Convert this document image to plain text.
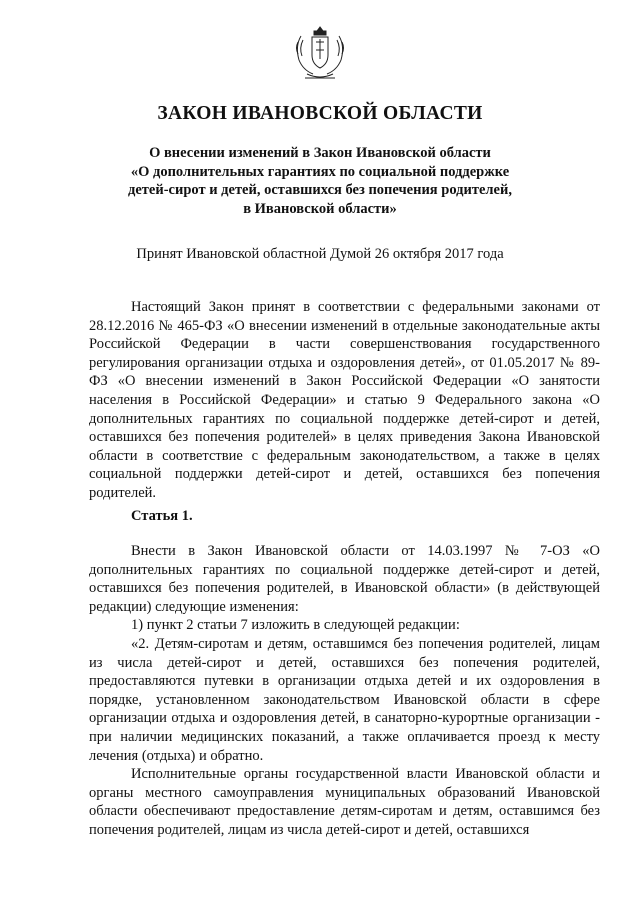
ЗАКОН ИВАНОВСКОЙ ОБЛАСТИ
О внесении изменений в Закон Ивановской области
«О дополнительных гарантиях по социальной поддержке
детей-сирот и детей, оставшихся без попечения родителей,
в Ивановской области»
Принят Ивановской областной Думой 26 октября 2017 года

Настоящий Закон принят в соответствии с федеральными законами от 28.12.2016 № 465-ФЗ «О внесении изменений в отдельные законодательные акты Российской Федерации в части совершенствования государственного регулирования организации отдыха и оздоровления детей», от 01.05.2017 № 89-ФЗ «О внесении изменений в Закон Российской Федерации «О занятости населения в Российской Федерации» и статью 9 Федерального закона «О дополнительных гарантиях по социальной поддержке детей-сирот и детей, оставшихся без попечения родителей» в целях приведения Закона Ивановской области в соответствие с федеральным законодательством, а также в целях социальной поддержки детей-сирот и детей, оставшихся без попечения родителей.

Статья 1.

Внести в Закон Ивановской области от 14.03.1997 № 7-ОЗ «О дополнительных гарантиях по социальной поддержке детей-сирот и детей, оставшихся без попечения родителей, в Ивановской области» (в действующей редакции) следующие изменения:

1) пункт 2 статьи 7 изложить в следующей редакции:

«2. Детям-сиротам и детям, оставшимся без попечения родителей, лицам из числа детей-сирот и детей, оставшихся без попечения родителей, предоставляются путевки в организации отдыха детей и их оздоровления в порядке, установленном законодательством Ивановской области в сфере организации отдыха и оздоровления детей, в санаторно-курортные организации - при наличии медицинских показаний, а также оплачивается проезд к месту лечения (отдыха) и обратно.

Исполнительные органы государственной власти Ивановской области и органы местного самоуправления муниципальных образований Ивановской области обеспечивают предоставление детям-сиротам и детям, оставшимся без попечения родителей, лицам из числа детей-сирот и детей, оставшихся
